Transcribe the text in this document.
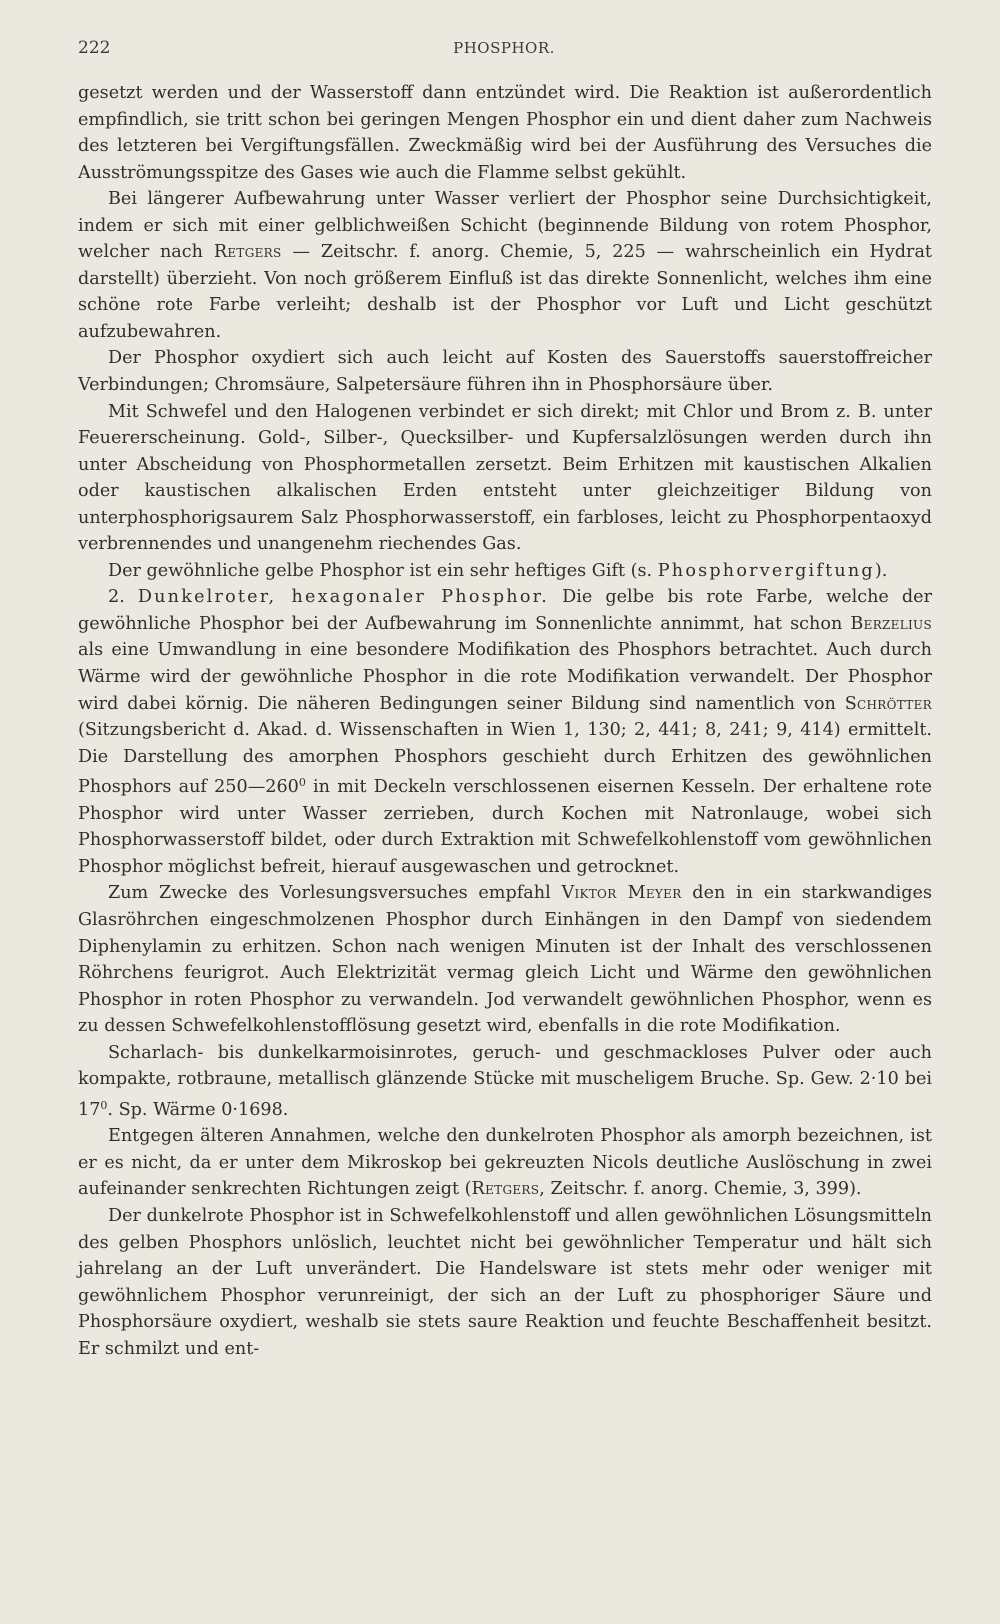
222	PHOSPHOR.

gesetzt werden und der Wasserstoff dann entzündet wird. Die Reaktion ist außerordentlich empfindlich, sie tritt schon bei geringen Mengen Phosphor ein und dient daher zum Nachweis des letzteren bei Vergiftungsfällen. Zweckmäßig wird bei der Ausführung des Versuches die Ausströmungsspitze des Gases wie auch die Flamme selbst gekühlt.

Bei längerer Aufbewahrung unter Wasser verliert der Phosphor seine Durchsichtigkeit, indem er sich mit einer gelblichweißen Schicht (beginnende Bildung von rotem Phosphor, welcher nach Retgers — Zeitschr. f. anorg. Chemie, 5, 225 — wahrscheinlich ein Hydrat darstellt) überzieht. Von noch größerem Einfluß ist das direkte Sonnenlicht, welches ihm eine schöne rote Farbe verleiht; deshalb ist der Phosphor vor Luft und Licht geschützt aufzubewahren.

Der Phosphor oxydiert sich auch leicht auf Kosten des Sauerstoffs sauerstoffreicher Verbindungen; Chromsäure, Salpetersäure führen ihn in Phosphorsäure über.

Mit Schwefel und den Halogenen verbindet er sich direkt; mit Chlor und Brom z. B. unter Feuererscheinung. Gold-, Silber-, Quecksilber- und Kupfersalzlösungen werden durch ihn unter Abscheidung von Phosphormetallen zersetzt. Beim Erhitzen mit kaustischen Alkalien oder kaustischen alkalischen Erden entsteht unter gleichzeitiger Bildung von unterphosphorigsaurem Salz Phosphorwasserstoff, ein farbloses, leicht zu Phosphorpentaoxyd verbrennendes und unangenehm riechendes Gas.

Der gewöhnliche gelbe Phosphor ist ein sehr heftiges Gift (s. Phosphorvergiftung).

2. Dunkelroter, hexagonaler Phosphor. Die gelbe bis rote Farbe, welche der gewöhnliche Phosphor bei der Aufbewahrung im Sonnenlichte annimmt, hat schon Berzelius als eine Umwandlung in eine besondere Modifikation des Phosphors betrachtet. Auch durch Wärme wird der gewöhnliche Phosphor in die rote Modifikation verwandelt. Der Phosphor wird dabei körnig. Die näheren Bedingungen seiner Bildung sind namentlich von Schrötter (Sitzungsbericht d. Akad. d. Wissenschaften in Wien 1, 130; 2, 441; 8, 241; 9, 414) ermittelt. Die Darstellung des amorphen Phosphors geschieht durch Erhitzen des gewöhnlichen Phosphors auf $250—260^0$ in mit Deckeln verschlossenen eisernen Kesseln. Der erhaltene rote Phosphor wird unter Wasser zerrieben, durch Kochen mit Natronlauge, wobei sich Phosphorwasserstoff bildet, oder durch Extraktion mit Schwefelkohlenstoff vom gewöhnlichen Phosphor möglichst befreit, hierauf ausgewaschen und getrocknet.

Zum Zwecke des Vorlesungsversuches empfahl Viktor Meyer den in ein starkwandiges Glasröhrchen eingeschmolzenen Phosphor durch Einhängen in den Dampf von siedendem Diphenylamin zu erhitzen. Schon nach wenigen Minuten ist der Inhalt des verschlossenen Röhrchens feurigrot. Auch Elektrizität vermag gleich Licht und Wärme den gewöhnlichen Phosphor in roten Phosphor zu verwandeln. Jod verwandelt gewöhnlichen Phosphor, wenn es zu dessen Schwefelkohlenstofflösung gesetzt wird, ebenfalls in die rote Modifikation.

Scharlach- bis dunkelkarmoisinrotes, geruch- und geschmackloses Pulver oder auch kompakte, rotbraune, metallisch glänzende Stücke mit muscheligem Bruche. Sp. Gew. 2·10 bei $17^0$. Sp. Wärme 0·1698.

Entgegen älteren Annahmen, welche den dunkelroten Phosphor als amorph bezeichnen, ist er es nicht, da er unter dem Mikroskop bei gekreuzten Nicols deutliche Auslöschung in zwei aufeinander senkrechten Richtungen zeigt (Retgers, Zeitschr. f. anorg. Chemie, 3, 399).

Der dunkelrote Phosphor ist in Schwefelkohlenstoff und allen gewöhnlichen Lösungsmitteln des gelben Phosphors unlöslich, leuchtet nicht bei gewöhnlicher Temperatur und hält sich jahrelang an der Luft unverändert. Die Handelsware ist stets mehr oder weniger mit gewöhnlichem Phosphor verunreinigt, der sich an der Luft zu phosphoriger Säure und Phosphorsäure oxydiert, weshalb sie stets saure Reaktion und feuchte Beschaffenheit besitzt. Er schmilzt und ent-
